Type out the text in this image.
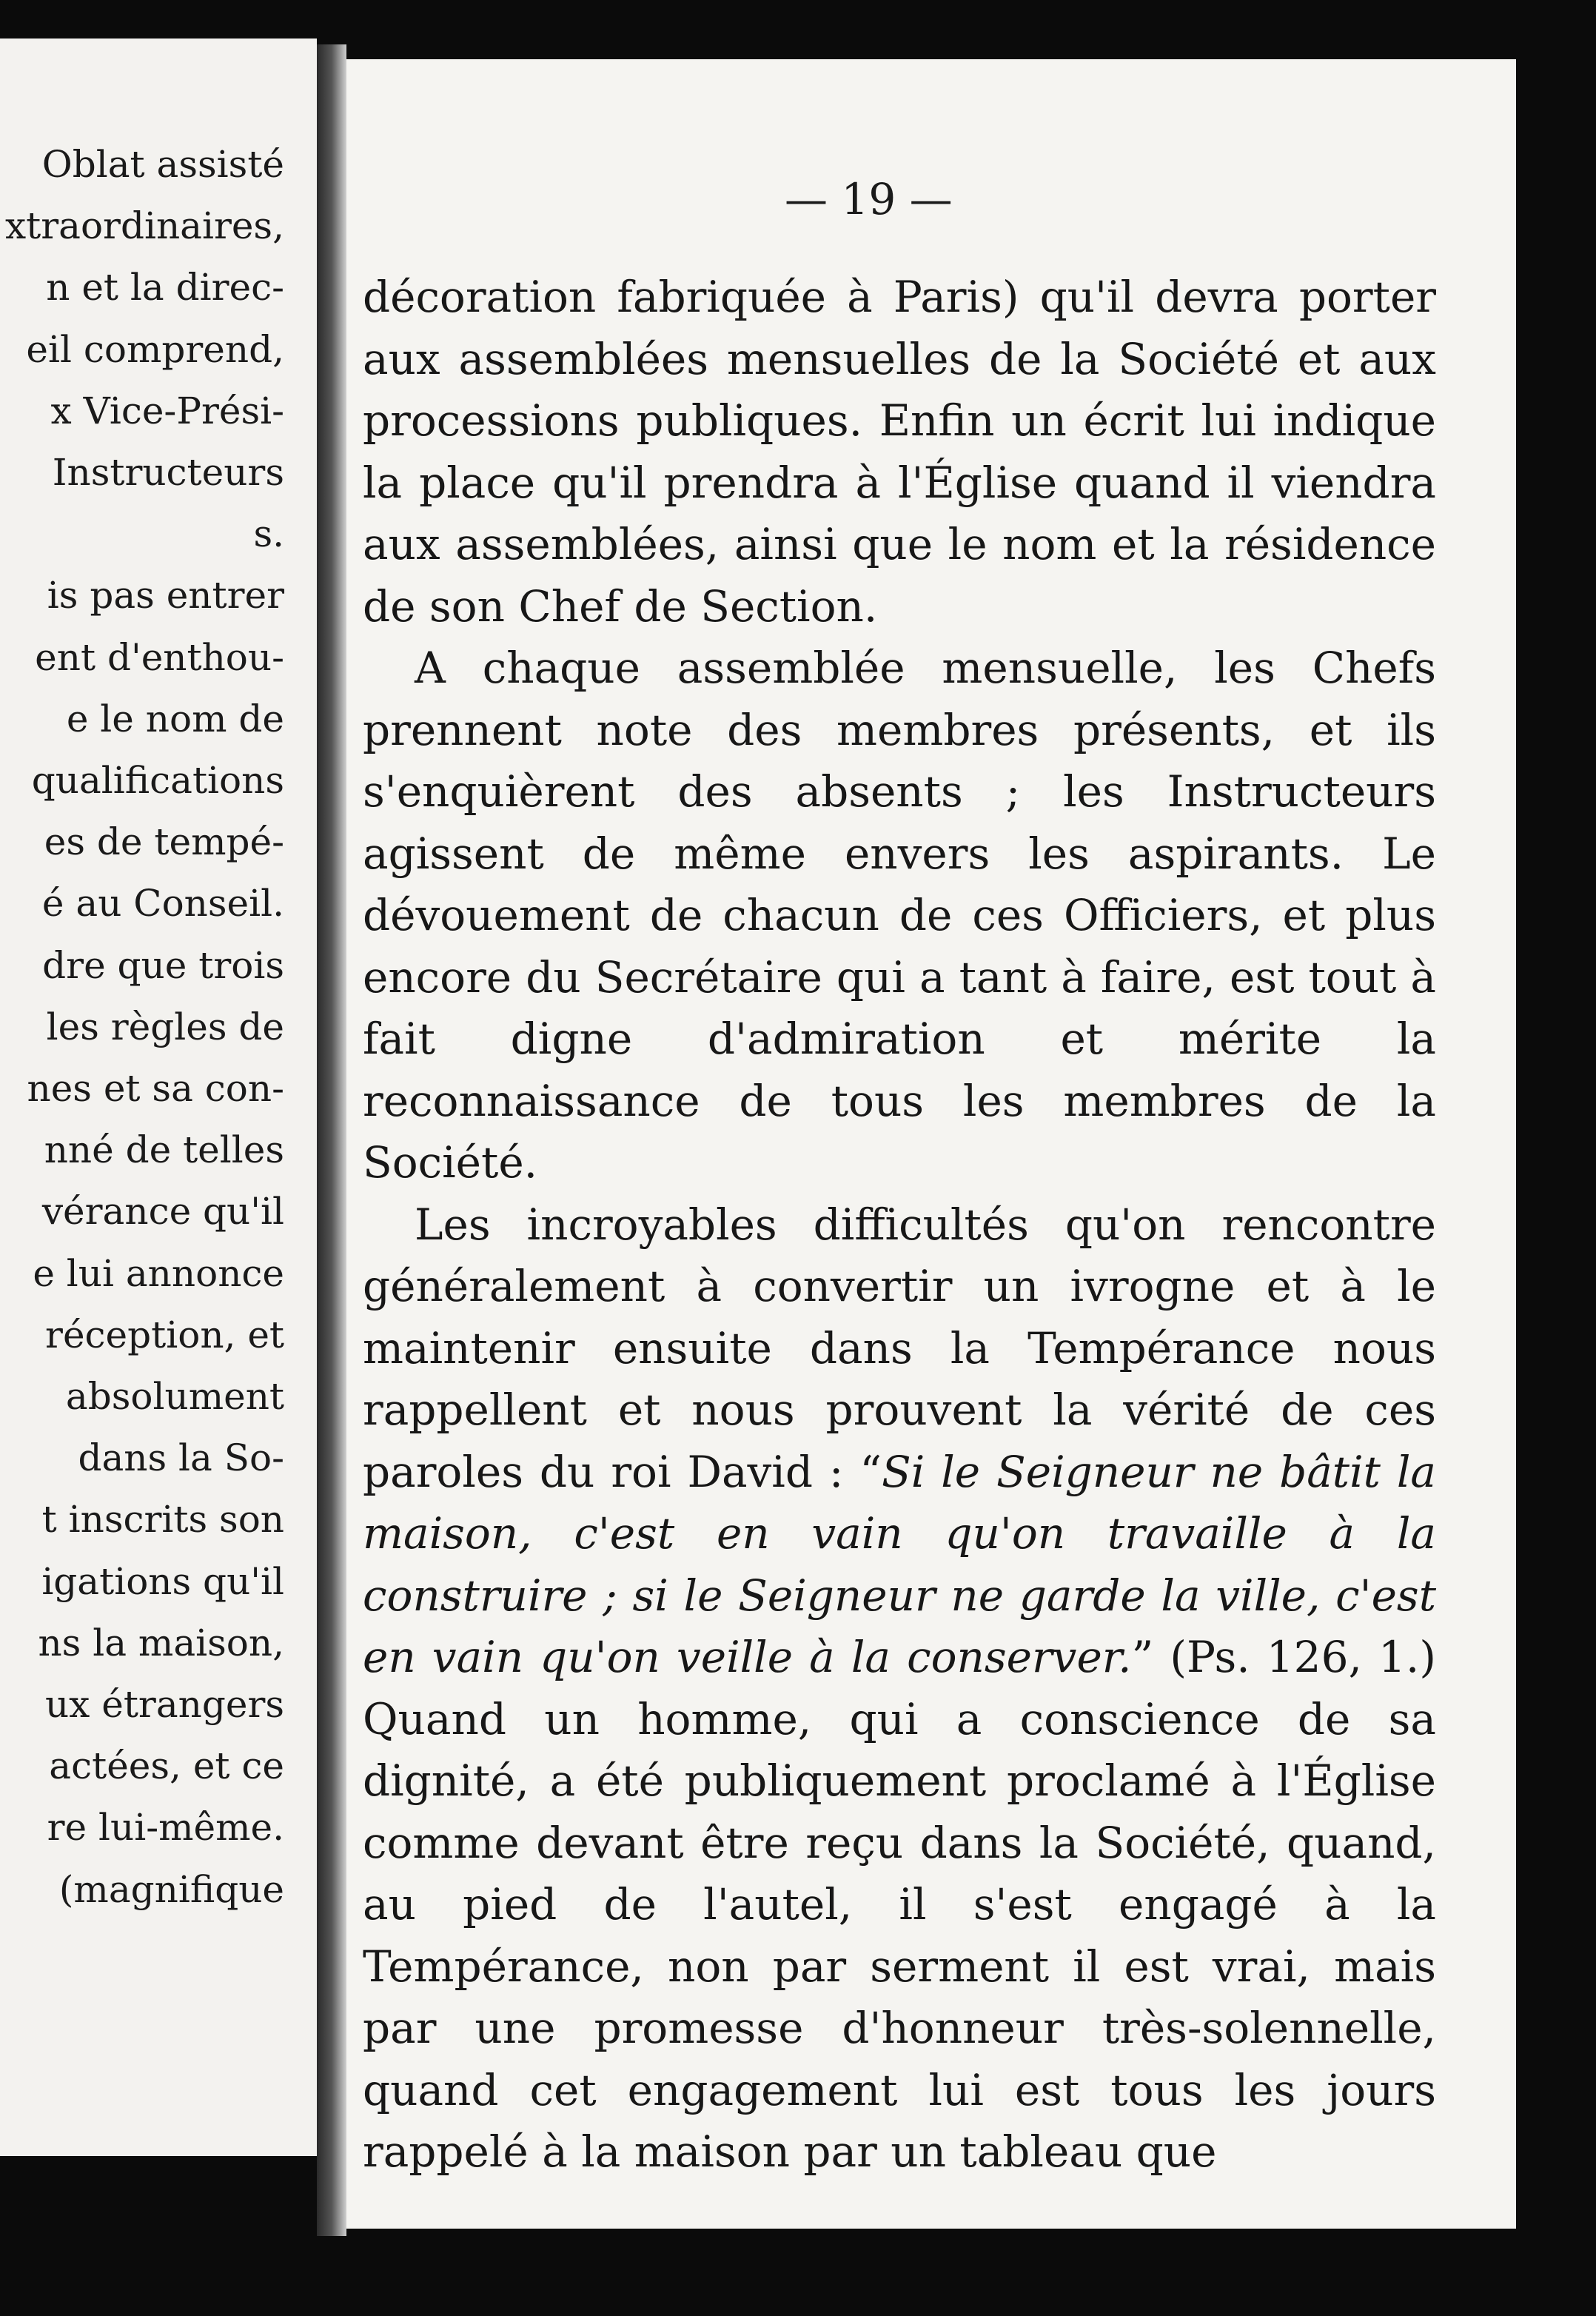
Oblat assisté
xtraordinaires,
n et la direc-
eil comprend,
x Vice-Prési-
Instructeurs
s.
is pas entrer
ent d'enthou-
e le nom de
qualifications
es de tempé-
é au Conseil.
dre que trois
les règles de
nes et sa con-
nné de telles
vérance qu'il
e lui annonce
réception, et
absolument
dans la So-
t inscrits son
igations qu'il
ns la maison,
ux étrangers
actées, et ce
re lui-même.
(magnifique
— 19 —

décoration fabriquée à Paris) qu'il devra porter aux assemblées mensuelles de la Société et aux processions publiques. Enfin un écrit lui indique la place qu'il prendra à l'Église quand il viendra aux assemblées, ainsi que le nom et la résidence de son Chef de Section.

A chaque assemblée mensuelle, les Chefs prennent note des membres présents, et ils s'enquièrent des absents ; les Instructeurs agissent de même envers les aspirants. Le dévouement de chacun de ces Officiers, et plus encore du Secrétaire qui a tant à faire, est tout à fait digne d'admiration et mérite la reconnaissance de tous les membres de la Société.

Les incroyables difficultés qu'on rencontre généralement à convertir un ivrogne et à le maintenir ensuite dans la Tempérance nous rappellent et nous prouvent la vérité de ces paroles du roi David : “Si le Seigneur ne bâtit la maison, c'est en vain qu'on travaille à la construire ; si le Seigneur ne garde la ville, c'est en vain qu'on veille à la conserver.” (Ps. 126, 1.) Quand un homme, qui a conscience de sa dignité, a été publiquement proclamé à l'Église comme devant être reçu dans la Société, quand, au pied de l'autel, il s'est engagé à la Tempérance, non par serment il est vrai, mais par une promesse d'honneur très-solennelle, quand cet engagement lui est tous les jours rappelé à la maison par un tableau que
